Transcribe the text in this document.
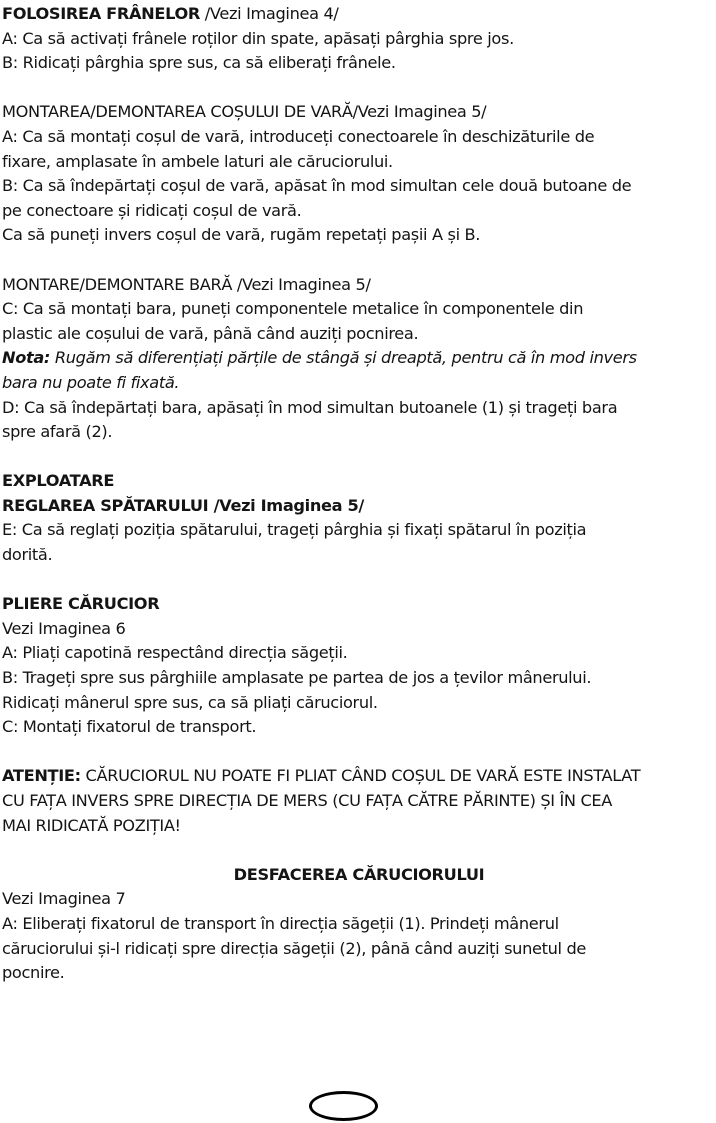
FOLOSIREA FRÂNELOR /Vezi Imaginea 4/
A: Ca să activați frânele roților din spate, apăsați pârghia spre jos.
B: Ridicați pârghia spre sus, ca să eliberați frânele.
MONTAREA/DEMONTAREA COȘULUI DE VARĂ/Vezi Imaginea 5/
A: Ca să montați coșul de vară, introduceți conectoarele în deschizăturile de
fixare, amplasate în ambele laturi ale căruciorului.
B: Ca să îndepărtați coșul de vară, apăsat în mod simultan cele două butoane de
pe conectoare și ridicați coșul de vară.
Ca să puneți invers coșul de vară, rugăm repetați pașii A și B.
MONTARE/DEMONTARE BARĂ /Vezi Imaginea 5/
C: Ca să montați bara, puneți componentele metalice în componentele din
plastic ale coșului de vară, până când auziți pocnirea.
Nota: Rugăm să diferențiați părțile de stângă și dreaptă, pentru că în mod invers
bara nu poate fi fixată.
D: Ca să îndepărtați bara, apăsați în mod simultan butoanele (1) și trageți bara
spre afară (2).
EXPLOATARE
REGLAREA SPĂTARULUI /Vezi Imaginea 5/
E: Ca să reglați poziția spătarului, trageți pârghia și fixați spătarul în poziția
dorită.
PLIERE CĂRUCIOR
Vezi Imaginea 6
A: Pliați capotină respectând direcția săgeții.
B: Trageți spre sus pârghiile amplasate pe partea de jos a țevilor mânerului.
Ridicați mânerul spre sus, ca să pliați căruciorul.
C: Montați fixatorul de transport.
ATENȚIE: CĂRUCIORUL NU POATE FI PLIAT CÂND COȘUL DE VARĂ ESTE INSTALAT
CU FAȚA INVERS SPRE DIRECȚIA DE MERS (CU FAȚA CĂTRE PĂRINTE) ȘI ÎN CEA
MAI RIDICATĂ POZIȚIA!
DESFACEREA CĂRUCIORULUI
Vezi Imaginea 7
A: Eliberați fixatorul de transport în direcția săgeții (1). Prindeți mânerul
căruciorului și-l ridicați spre direcția săgeții (2), până când auziți sunetul de
pocnire.
